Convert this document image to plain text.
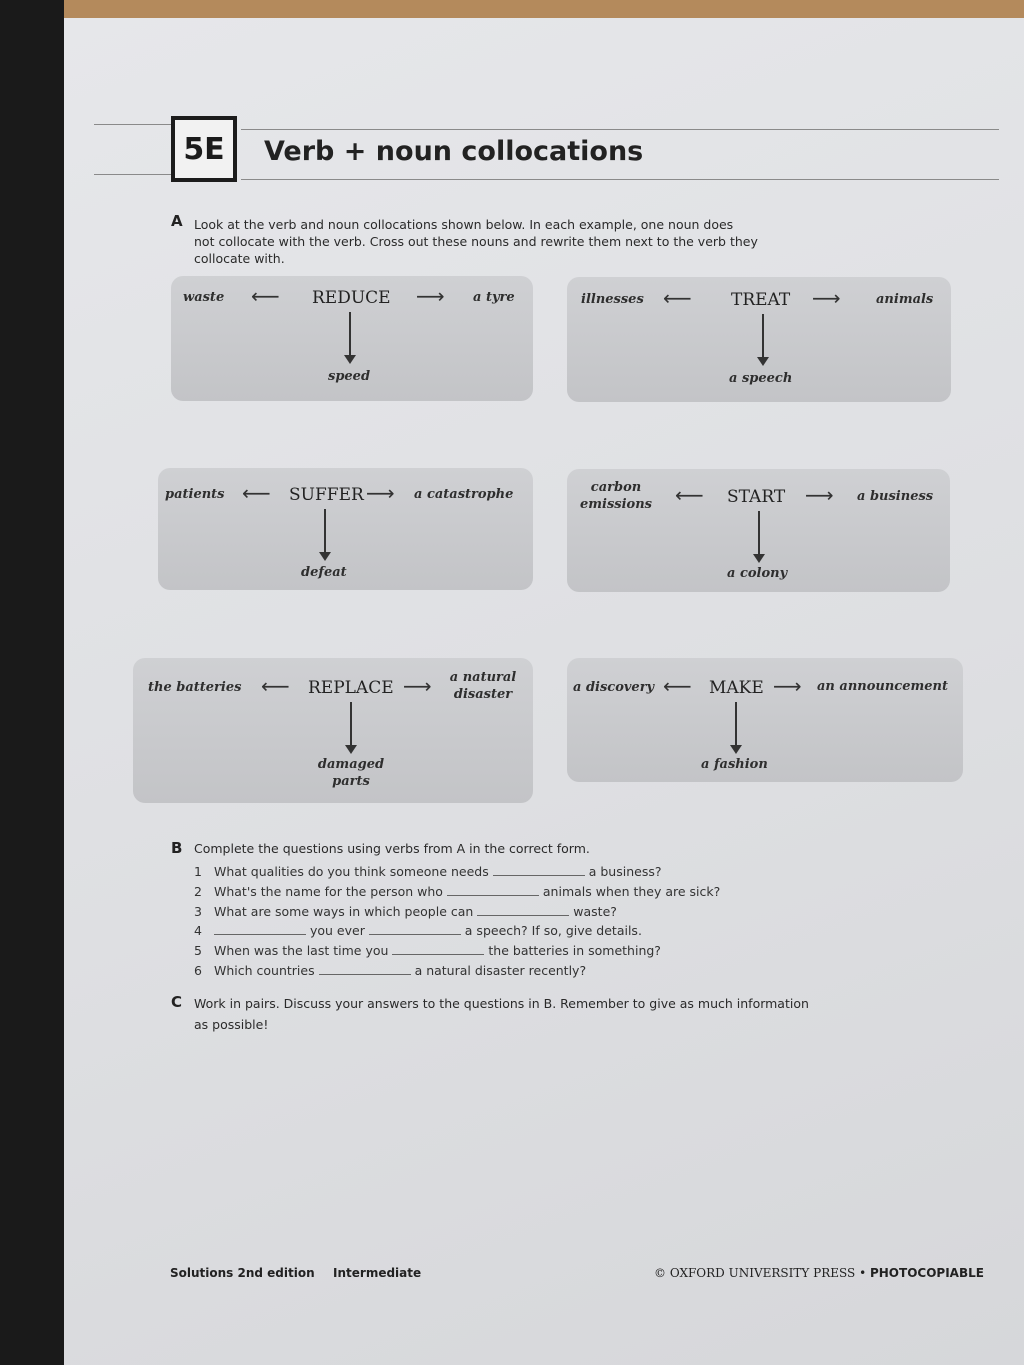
5E	Verb + noun collocations
A Look at the verb and noun collocations shown below. In each example, one noun does
not collocate with the verb. Cross out these nouns and rewrite them next to the verb they
collocate with.
waste ⟵ REDUCE ⟶ a tyre
speed
illnesses ⟵ TREAT ⟶	animals
a speech
patients ⟵ SUFFER ⟶ a catastrophe
defeat
carbon
emissions ⟵ START ⟶ a business
a colony
the batteries ⟵ REPLACE ⟶	a natural
disaster
damaged
parts
a discovery ⟵ MAKE ⟶ an announcement
a fashion
B Complete the questions using verbs from A in the correct form.
1 What qualities do you think someone needs	a business?
2 What's the name for the person who	animals when they are sick?
3 What are some ways in which people can	waste?
4	you ever	a speech? If so, give details.
5 When was the last time you	the batteries in something?
6 Which countries	a natural disaster recently?
C Work in pairs. Discuss your answers to the questions in B. Remember to give as much information
as possible!
Solutions 2nd edition Intermediate	© OXFORD UNIVERSITY PRESS • PHOTOCOPIABLE
